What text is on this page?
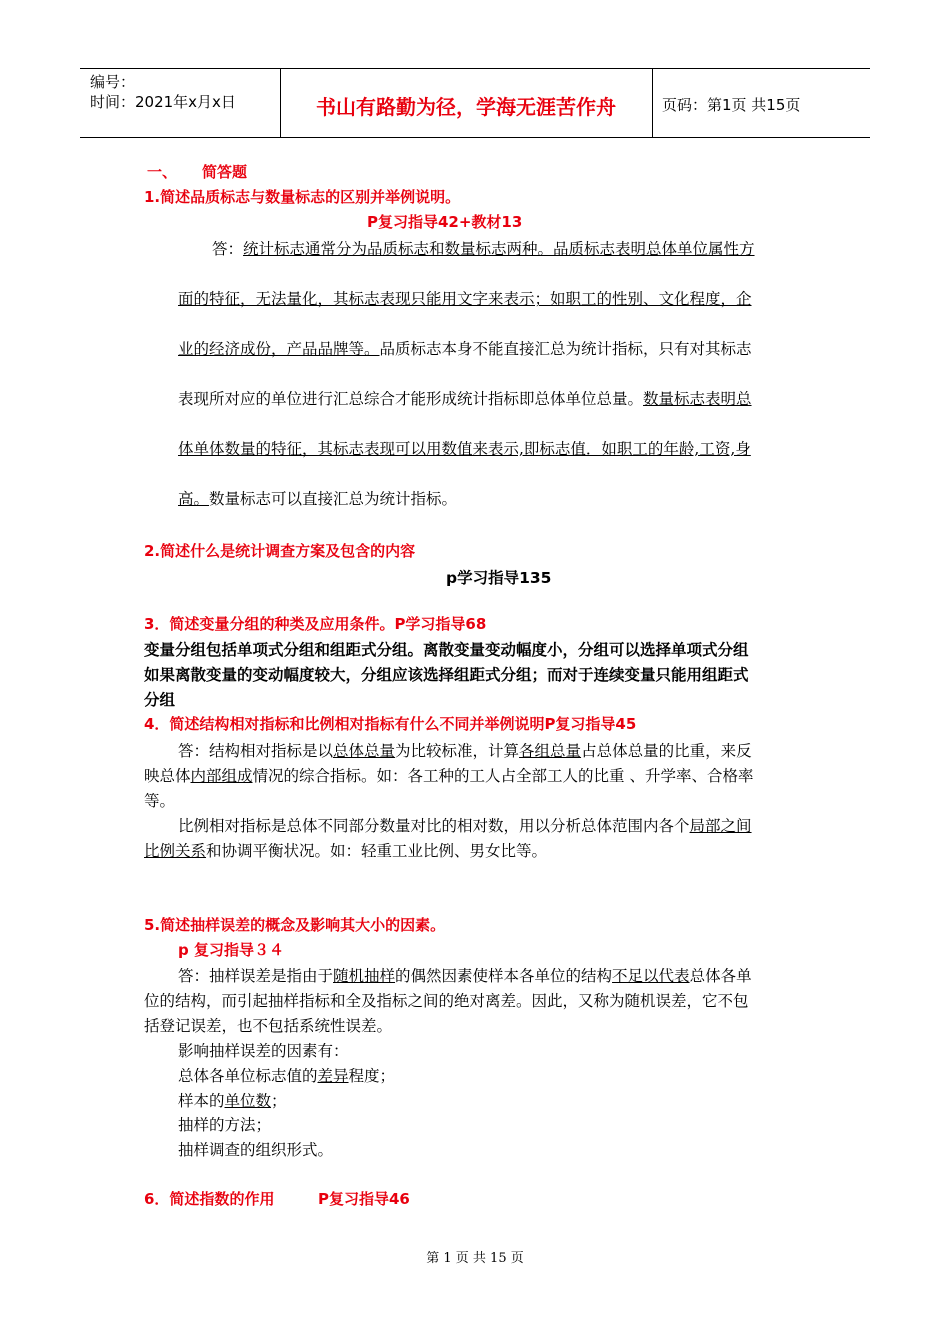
编号：
时间：2021年x月x日	书山有路勤为径，学海无涯苦作舟	页码：第1页 共15页
一、 简答题
1.简述品质标志与数量标志的区别并举例说明。
P复习指导42+教材13
答：统计标志通常分为品质标志和数量标志两种。品质标志表明总体单位属性方
面的特征，无法量化，其标志表现只能用文字来表示；如职工的性别、文化程度，企
业的经济成份，产品品牌等。品质标志本身不能直接汇总为统计指标，只有对其标志
表现所对应的单位进行汇总综合才能形成统计指标即总体单位总量。数量标志表明总
体单体数量的特征，其标志表现可以用数值来表示,即标志值．如职工的年龄,工资,身
高。数量标志可以直接汇总为统计指标。
2.简述什么是统计调查方案及包含的内容
p学习指导135
3．简述变量分组的种类及应用条件。P学习指导68
变量分组包括单项式分组和组距式分组。离散变量变动幅度小，分组可以选择单项式分组
如果离散变量的变动幅度较大，分组应该选择组距式分组；而对于连续变量只能用组距式
分组
4．简述结构相对指标和比例相对指标有什么不同并举例说明P复习指导45
答：结构相对指标是以总体总量为比较标准，计算各组总量占总体总量的比重，来反
映总体内部组成情况的综合指标。如：各工种的工人占全部工人的比重 、升学率、合格率
等。
比例相对指标是总体不同部分数量对比的相对数，用以分析总体范围内各个局部之间
比例关系和协调平衡状况。如：轻重工业比例、男女比等。
5.简述抽样误差的概念及影响其大小的因素。
p 复习指导３４
答：抽样误差是指由于随机抽样的偶然因素使样本各单位的结构不足以代表总体各单
位的结构，而引起抽样指标和全及指标之间的绝对离差。因此，又称为随机误差，它不包
括登记误差，也不包括系统性误差。
影响抽样误差的因素有：
总体各单位标志值的差异程度；
样本的单位数；
抽样的方法；
抽样调查的组织形式。
6．简述指数的作用	P复习指导46
第 1 页 共 15 页
